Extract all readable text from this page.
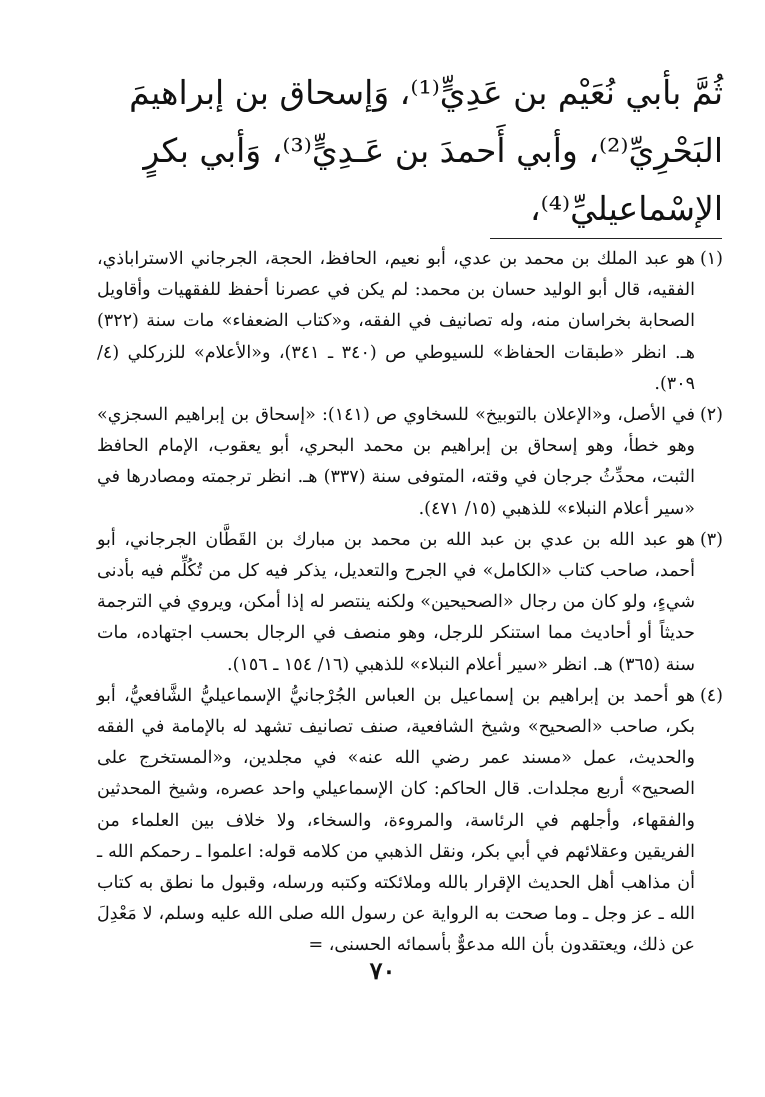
ثُمَّ بأبي نُعَيْم بن عَدِيٍّ⁽¹⁾، وَإسحاق بن إبراهيمَ

البَحْرِيِّ⁽²⁾، وأبي أَحمدَ بن عَـدِيٍّ⁽³⁾، وَأبي بكرٍ

الإسْماعيليِّ⁽⁴⁾،

(١)
هو عبد الملك بن محمد بن عدي، أبو نعيم، الحافظ، الحجة، الجرجاني الاستراباذي، الفقيه، قال أبو الوليد حسان بن محمد: لم يكن في عصرنا أحفظ للفقهيات وأقاويل الصحابة بخراسان منه، وله تصانيف في الفقه، و«كتاب الضعفاء» مات سنة (٣٢٢) هـ. انظر «طبقات الحفاظ» للسيوطي ص (٣٤٠ ـ ٣٤١)، و«الأعلام» للزركلي (٤/ ٣٠٩).

(٢)
في الأصل، و«الإعلان بالتوبيخ» للسخاوي ص (١٤١): «إسحاق بن إبراهيم السجزي» وهو خطأ، وهو إسحاق بن إبراهيم بن محمد البحري، أبو يعقوب، الإمام الحافظ الثبت، محدِّثُ جرجان في وقته، المتوفى سنة (٣٣٧) هـ. انظر ترجمته ومصادرها في «سير أعلام النبلاء» للذهبي (١٥/ ٤٧١).

(٣)
هو عبد الله بن عدي بن عبد الله بن محمد بن مبارك بن القَطَّان الجرجاني، أبو أحمد، صاحب كتاب «الكامل» في الجرح والتعديل، يذكر فيه كل من تُكُلِّم فيه بأدنى شيءٍ، ولو كان من رجال «الصحيحين» ولكنه ينتصر له إذا أمكن، ويروي في الترجمة حديثاً أو أحاديث مما استنكر للرجل، وهو منصف في الرجال بحسب اجتهاده، مات سنة (٣٦٥) هـ. انظر «سير أعلام النبلاء» للذهبي (١٦/ ١٥٤ ـ ١٥٦).

(٤)
هو أحمد بن إبراهيم بن إسماعيل بن العباس الجُرْجانيُّ الإسماعيليُّ الشَّافعيُّ، أبو بكر، صاحب «الصحيح» وشيخ الشافعية، صنف تصانيف تشهد له بالإمامة في الفقه والحديث، عمل «مسند عمر رضي الله عنه» في مجلدين، و«المستخرج على الصحيح» أربع مجلدات. قال الحاكم: كان الإسماعيلي واحد عصره، وشيخ المحدثين والفقهاء، وأجلهم في الرئاسة، والمروءة، والسخاء، ولا خلاف بين العلماء من الفريقين وعقلائهم في أبي بكر، ونقل الذهبي من كلامه قوله: اعلموا ـ رحمكم الله ـ أن مذاهب أهل الحديث الإقرار بالله وملائكته وكتبه ورسله، وقبول ما نطق به كتاب الله ـ عز وجل ـ وما صحت به الرواية عن رسول الله صلى الله عليه وسلم، لا مَعْدِلَ عن ذلك، ويعتقدون بأن الله مدعوٌّ بأسمائه الحسنى، =

٧٠
